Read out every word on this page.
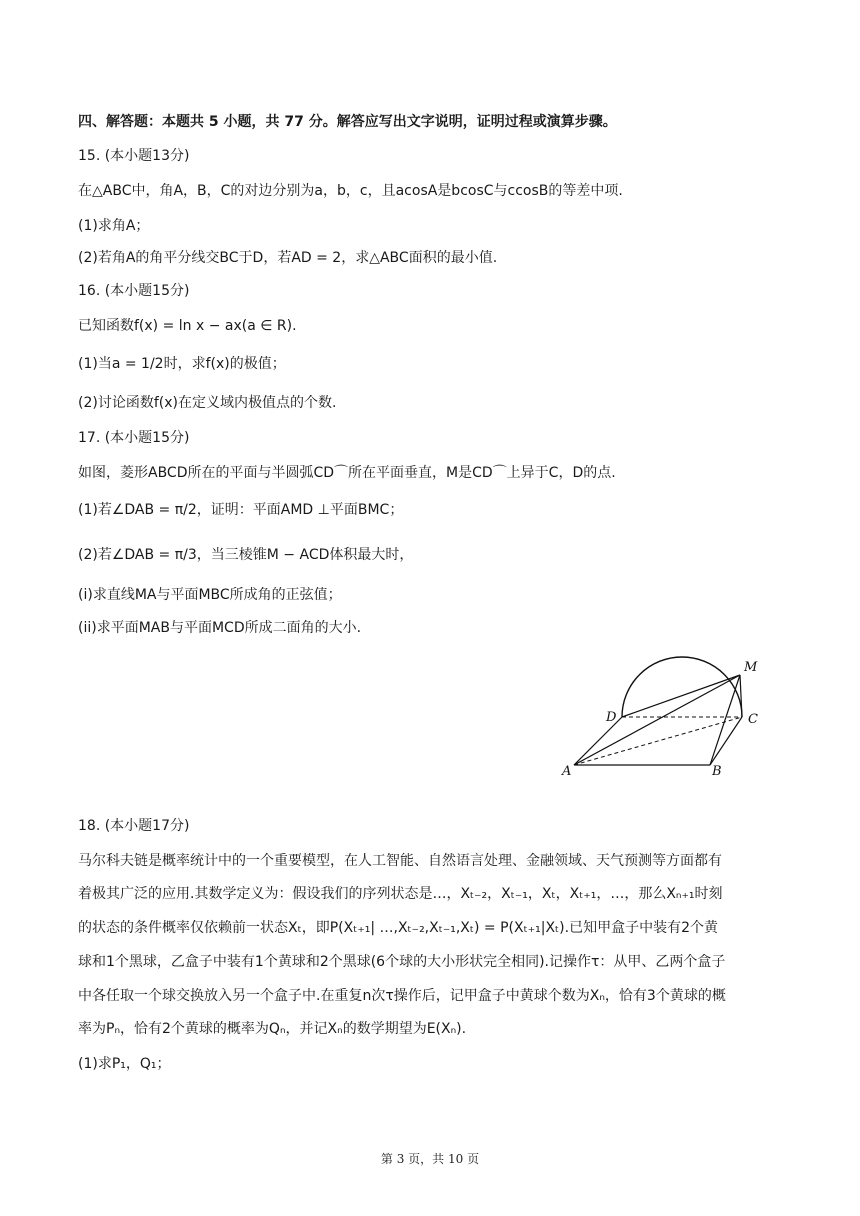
四、解答题：本题共 5 小题，共 77 分。解答应写出文字说明，证明过程或演算步骤。
15. (本小题13分)
在△ABC中，角A，B，C的对边分别为a，b，c，且acosA是bcosC与ccosB的等差中项.
(1)求角A；
(2)若角A的角平分线交BC于D，若AD = 2，求△ABC面积的最小值.
16. (本小题15分)
已知函数f(x) = ln x − ax(a ∈ R).
(1)当a = 1/2时，求f(x)的极值；
(2)讨论函数f(x)在定义域内极值点的个数.
17. (本小题15分)
如图，菱形ABCD所在的平面与半圆弧CD⌒所在平面垂直，M是CD⌒上异于C，D的点.
(1)若∠DAB = π/2，证明：平面AMD ⊥平面BMC；
(2)若∠DAB = π/3，当三棱锥M − ACD体积最大时，
(i)求直线MA与平面MBC所成角的正弦值；
(ii)求平面MAB与平面MCD所成二面角的大小.
M
D	C
A	B
18. (本小题17分)
马尔科夫链是概率统计中的一个重要模型，在人工智能、自然语言处理、金融领域、天气预测等方面都有
着极其广泛的应用.其数学定义为：假设我们的序列状态是…，Xₜ₋₂，Xₜ₋₁，Xₜ，Xₜ₊₁，…，那么Xₙ₊₁时刻
的状态的条件概率仅依赖前一状态Xₜ，即P(Xₜ₊₁| …,Xₜ₋₂,Xₜ₋₁,Xₜ) = P(Xₜ₊₁|Xₜ).已知甲盒子中装有2个黄
球和1个黑球，乙盒子中装有1个黄球和2个黑球(6个球的大小形状完全相同).记操作τ：从甲、乙两个盒子
中各任取一个球交换放入另一个盒子中.在重复n次τ操作后，记甲盒子中黄球个数为Xₙ，恰有3个黄球的概
率为Pₙ，恰有2个黄球的概率为Qₙ，并记Xₙ的数学期望为E(Xₙ).
(1)求P₁，Q₁；
第 3 页，共 10 页
